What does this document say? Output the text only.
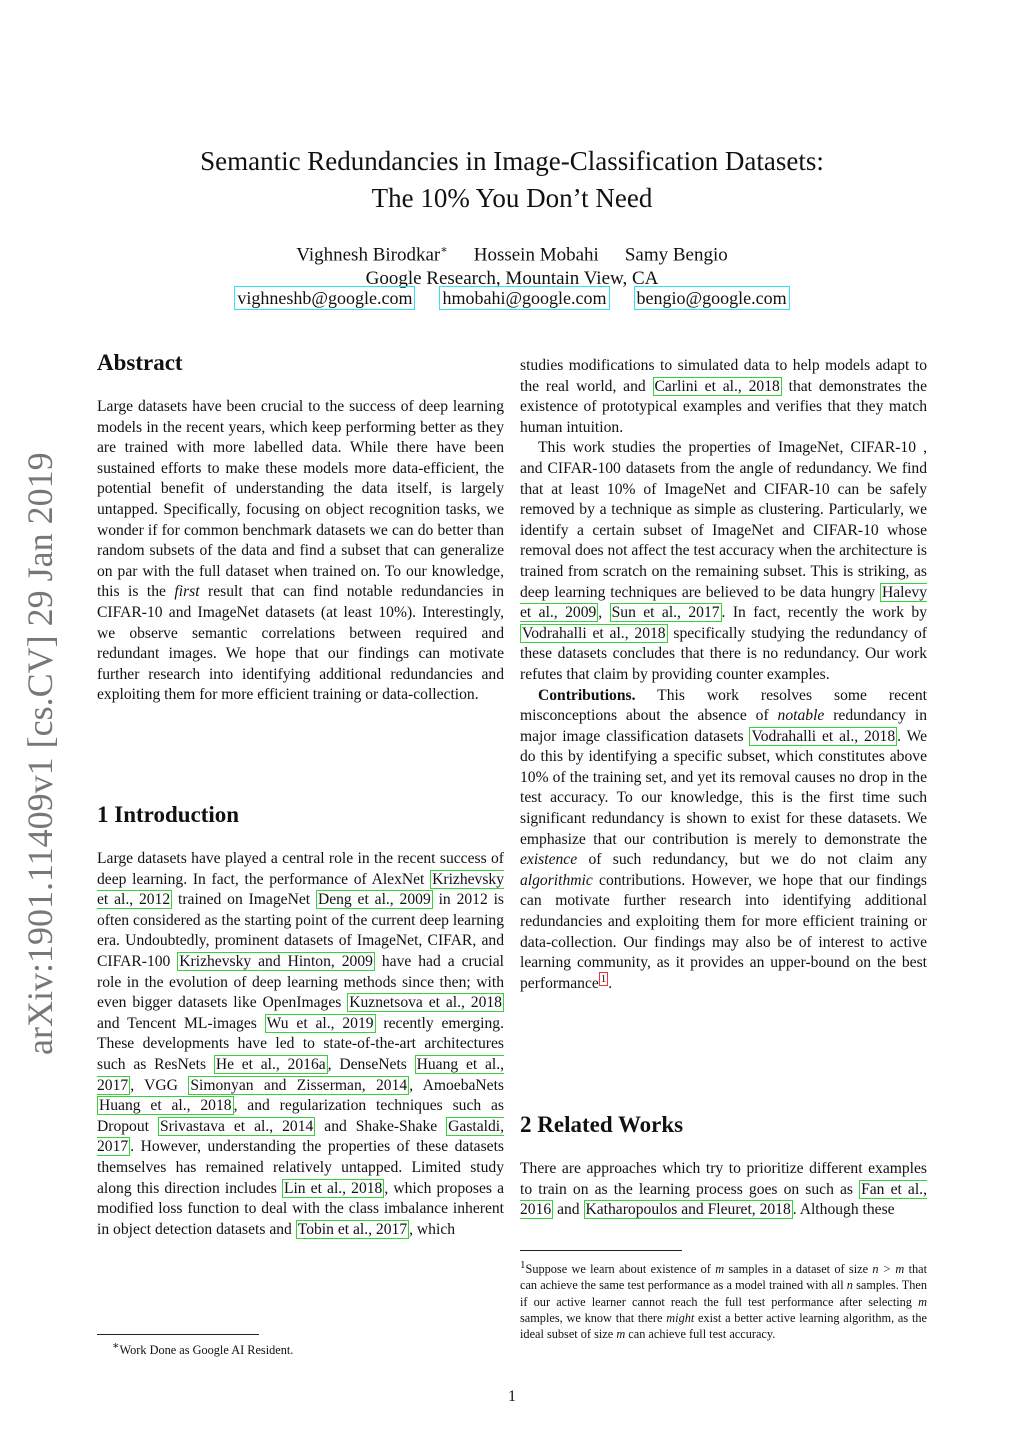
arXiv:1901.11409v1 [cs.CV] 29 Jan 2019
Semantic Redundancies in Image-Classification Datasets:
The 10% You Don’t Need
Vighnesh Birodkar∗ Hossein Mobahi Samy Bengio
Google Research, Mountain View, CA
vighneshb@google.com hmobahi@google.com bengio@google.com
Abstract

Large datasets have been crucial to the success of deep learning models in the recent years, which keep performing better as they are trained with more labelled data. While there have been sustained efforts to make these models more data-efficient, the potential benefit of understanding the data itself, is largely untapped. Specifically, focusing on object recognition tasks, we wonder if for common benchmark datasets we can do better than random subsets of the data and find a subset that can generalize on par with the full dataset when trained on. To our knowledge, this is the first result that can find notable redundancies in CIFAR-10 and ImageNet datasets (at least 10%). Interestingly, we observe semantic correlations between required and redundant images. We hope that our findings can motivate further research into identifying additional redundancies and exploiting them for more efficient training or data-collection.

1 Introduction

Large datasets have played a central role in the recent success of deep learning. In fact, the performance of AlexNet Krizhevsky et al., 2012 trained on ImageNet Deng et al., 2009 in 2012 is often considered as the starting point of the current deep learning era. Undoubtedly, prominent datasets of ImageNet, CIFAR, and CIFAR-100 Krizhevsky and Hinton, 2009 have had a crucial role in the evolution of deep learning methods since then; with even bigger datasets like OpenImages Kuznetsova et al., 2018 and Tencent ML-images Wu et al., 2019 recently emerging. These developments have led to state-of-the-art architectures such as ResNets He et al., 2016a , DenseNets Huang et al., 2017 , VGG Simonyan and Zisserman, 2014 , AmoebaNets Huang et al., 2018 , and regularization techniques such as Dropout Srivastava et al., 2014 and Shake-Shake Gastaldi, 2017 . However, understanding the properties of these datasets themselves has remained relatively untapped. Limited study along this direction includes Lin et al., 2018 , which proposes a modified loss function to deal with the class imbalance inherent in object detection datasets and Tobin et al., 2017 , which

∗Work Done as Google AI Resident.

studies modifications to simulated data to help models adapt to the real world, and Carlini et al., 2018 that demonstrates the existence of prototypical examples and verifies that they match human intuition.

This work studies the properties of ImageNet, CIFAR-10 , and CIFAR-100 datasets from the angle of redundancy. We find that at least 10% of ImageNet and CIFAR-10 can be safely removed by a technique as simple as clustering. Particularly, we identify a certain subset of ImageNet and CIFAR-10 whose removal does not affect the test accuracy when the architecture is trained from scratch on the remaining subset. This is striking, as deep learning techniques are believed to be data hungry Halevy et al., 2009 , Sun et al., 2017 . In fact, recently the work by Vodrahalli et al., 2018 specifically studying the redundancy of these datasets concludes that there is no redundancy. Our work refutes that claim by providing counter examples.

Contributions. This work resolves some recent misconceptions about the absence of notable redundancy in major image classification datasets Vodrahalli et al., 2018 . We do this by identifying a specific subset, which constitutes above 10% of the training set, and yet its removal causes no drop in the test accuracy. To our knowledge, this is the first time such significant redundancy is shown to exist for these datasets. We emphasize that our contribution is merely to demonstrate the existence of such redundancy, but we do not claim any algorithmic contributions. However, we hope that our findings can motivate further research into identifying additional redundancies and exploiting them for more efficient training or data-collection. Our findings may also be of interest to active learning community, as it provides an upper-bound on the best performance $^1$ .

2 Related Works

There are approaches which try to prioritize different examples to train on as the learning process goes on such as Fan et al., 2016 and Katharopoulos and Fleuret, 2018 . Although these

$^1$Suppose we learn about existence of m samples in a dataset of size n > m that can achieve the same test performance as a model trained with all n samples. Then if our active learner cannot reach the full test performance after selecting m samples, we know that there might exist a better active learning algorithm, as the ideal subset of size m can achieve full test accuracy.
1
